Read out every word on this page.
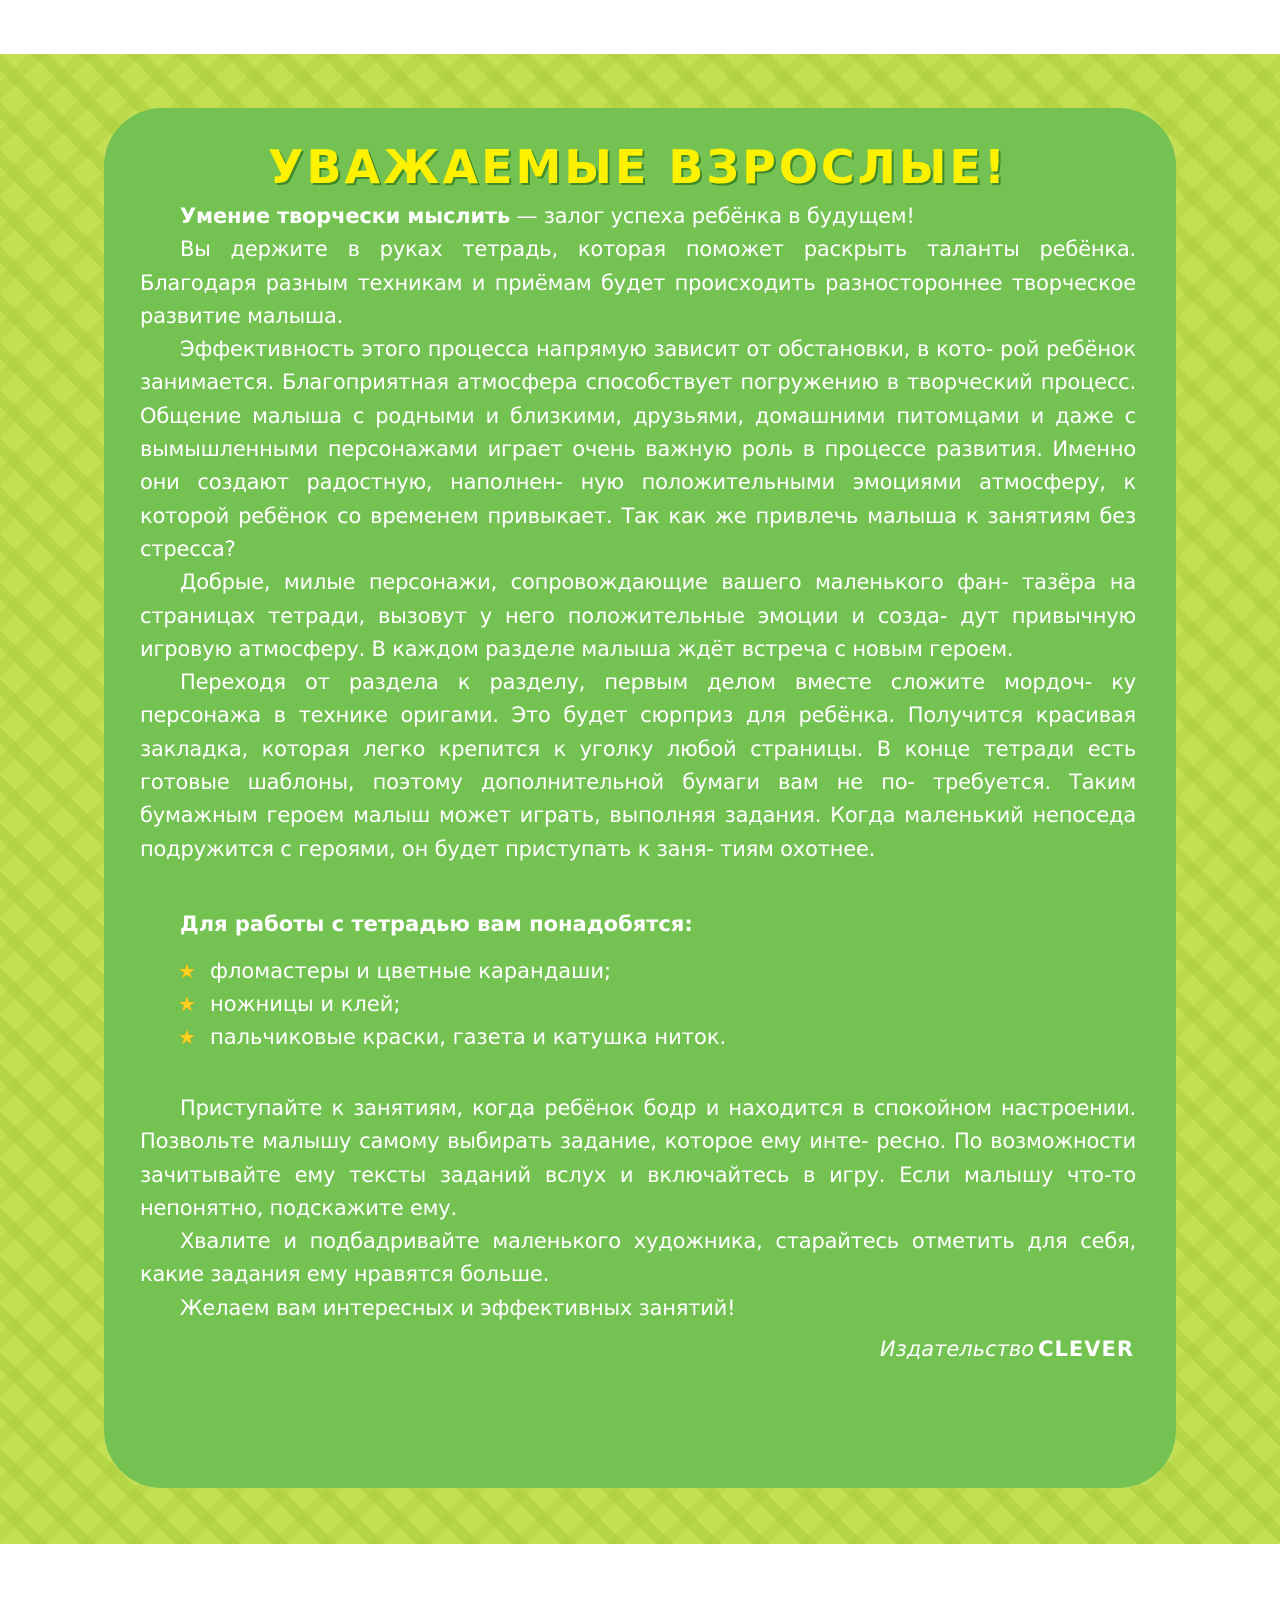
УВАЖАЕМЫЕ ВЗРОСЛЫЕ!

Умение творчески мыслить — залог успеха ребёнка в будущем!

Вы держите в руках тетрадь, которая поможет раскрыть таланты ребёнка. Благодаря разным техникам и приёмам будет происходить разностороннее творческое развитие малыша.

Эффективность этого процесса напрямую зависит от обстановки, в кото- рой ребёнок занимается. Благоприятная атмосфера способствует погружению в творческий процесс. Общение малыша с родными и близкими, друзьями, домашними питомцами и даже с вымышленными персонажами играет очень важную роль в процессе развития. Именно они создают радостную, наполнен- ную положительными эмоциями атмосферу, к которой ребёнок со временем привыкает. Так как же привлечь малыша к занятиям без стресса?

Добрые, милые персонажи, сопровождающие вашего маленького фан- тазёра на страницах тетради, вызовут у него положительные эмоции и созда- дут привычную игровую атмосферу. В каждом разделе малыша ждёт встреча с новым героем.

Переходя от раздела к разделу, первым делом вместе сложите мордоч- ку персонажа в технике оригами. Это будет сюрприз для ребёнка. Получится красивая закладка, которая легко крепится к уголку любой страницы. В конце тетради есть готовые шаблоны, поэтому дополнительной бумаги вам не по- требуется. Таким бумажным героем малыш может играть, выполняя задания. Когда маленький непоседа подружится с героями, он будет приступать к заня- тиям охотнее.

Для работы с тетрадью вам понадобятся:
★ фломастеры и цветные карандаши;
★ ножницы и клей;
★ пальчиковые краски, газета и катушка ниток.

Приступайте к занятиям, когда ребёнок бодр и находится в спокойном настроении. Позвольте малышу самому выбирать задание, которое ему инте- ресно. По возможности зачитывайте ему тексты заданий вслух и включайтесь в игру. Если малышу что-то непонятно, подскажите ему.

Хвалите и подбадривайте маленького художника, старайтесь отметить для себя, какие задания ему нравятся больше.

Желаем вам интересных и эффективных занятий!

Издательство CLEVER
